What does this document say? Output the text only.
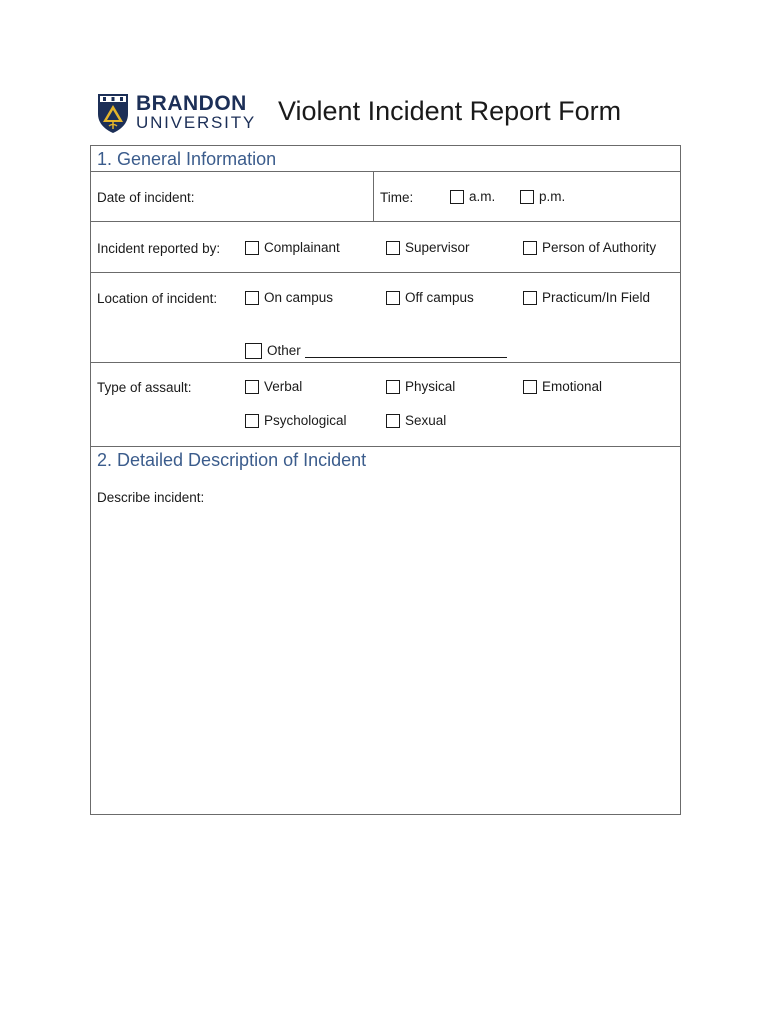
BRANDON
UNIVERSITY Violent Incident Report Form
1. General Information
Date of incident:	Time:	a.m.	p.m.
Incident reported by:	Complainant	Supervisor	Person of Authority
Location of incident:	On campus	Off campus	Practicum/In Field
Other
Type of assault:	Verbal	Physical	Emotional
Psychological	Sexual
2. Detailed Description of Incident
Describe incident:
